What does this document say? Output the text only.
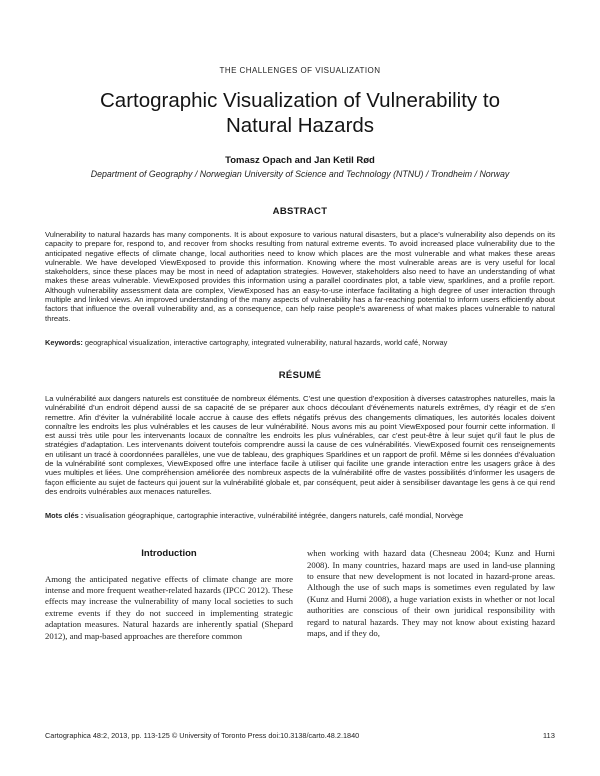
THE CHALLENGES OF VISUALIZATION
Cartographic Visualization of Vulnerability to Natural Hazards
Tomasz Opach and Jan Ketil Rød
Department of Geography / Norwegian University of Science and Technology (NTNU) / Trondheim / Norway
ABSTRACT
Vulnerability to natural hazards has many components. It is about exposure to various natural disasters, but a place’s vulnerability also depends on its capacity to prepare for, respond to, and recover from shocks resulting from natural extreme events. To avoid increased place vulnerability due to the anticipated negative effects of climate change, local authorities need to know which places are the most vulnerable and what makes these areas vulnerable. We have developed ViewExposed to provide this information. Knowing where the most vulnerable areas are is very useful for local stakeholders, since these places may be most in need of adaptation strategies. However, stakeholders also need to have an understanding of what makes these areas vulnerable. ViewExposed provides this information using a parallel coordinates plot, a table view, sparklines, and a profile report. Although vulnerability assessment data are complex, ViewExposed has an easy-to-use interface facilitating a high degree of user interaction through multiple and linked views. An improved understanding of the many aspects of vulnerability has a far-reaching potential to inform users efficiently about factors that influence the overall vulnerability and, as a consequence, can help raise people’s awareness of what makes places vulnerable to natural threats.
Keywords: geographical visualization, interactive cartography, integrated vulnerability, natural hazards, world café, Norway
RÉSUMÉ
La vulnérabilité aux dangers naturels est constituée de nombreux éléments. C’est une question d’exposition à diverses catastrophes naturelles, mais la vulnérabilité d’un endroit dépend aussi de sa capacité de se préparer aux chocs découlant d’événements naturels extrêmes, d’y réagir et de s’en remettre. Afin d’éviter la vulnérabilité locale accrue à cause des effets négatifs prévus des changements climatiques, les autorités locales doivent connaître les endroits les plus vulnérables et les causes de leur vulnérabilité. Nous avons mis au point ViewExposed pour fournir cette information. Il est aussi très utile pour les intervenants locaux de connaître les endroits les plus vulnérables, car c’est peut-être à leur sujet qu’il faut le plus de stratégies d’adaptation. Les intervenants doivent toutefois comprendre aussi la cause de ces vulnérabilités. ViewExposed fournit ces renseignements en utilisant un tracé à coordonnées parallèles, une vue de tableau, des graphiques Sparklines et un rapport de profil. Même si les données d’évaluation de la vulnérabilité sont complexes, ViewExposed offre une interface facile à utiliser qui facilite une grande interaction entre les usagers grâce à des vues multiples et liées. Une compréhension améliorée des nombreux aspects de la vulnérabilité offre de vastes possibilités d’informer les usagers de façon efficiente au sujet de facteurs qui jouent sur la vulnérabilité globale et, par conséquent, peut aider à sensibiliser davantage les gens à ce qui rend des endroits vulnérables aux menaces naturelles.
Mots clés : visualisation géographique, cartographie interactive, vulnérabilité intégrée, dangers naturels, café mondial, Norvège
Introduction
Among the anticipated negative effects of climate change are more intense and more frequent weather-related hazards (IPCC 2012). These effects may increase the vulnerability of many local societies to such extreme events if they do not succeed in implementing strategic adaptation measures. Natural hazards are inherently spatial (Shepard 2012), and map-based approaches are therefore common
when working with hazard data (Chesneau 2004; Kunz and Hurni 2008). In many countries, hazard maps are used in land-use planning to ensure that new development is not located in hazard-prone areas. Although the use of such maps is sometimes even regulated by law (Kunz and Hurni 2008), a huge variation exists in whether or not local authorities are conscious of their own juridical responsibility with regard to natural hazards. They may not know about existing hazard maps, and if they do,
Cartographica 48:2, 2013, pp. 113-125 © University of Toronto Press doi:10.3138/carto.48.2.1840	113
